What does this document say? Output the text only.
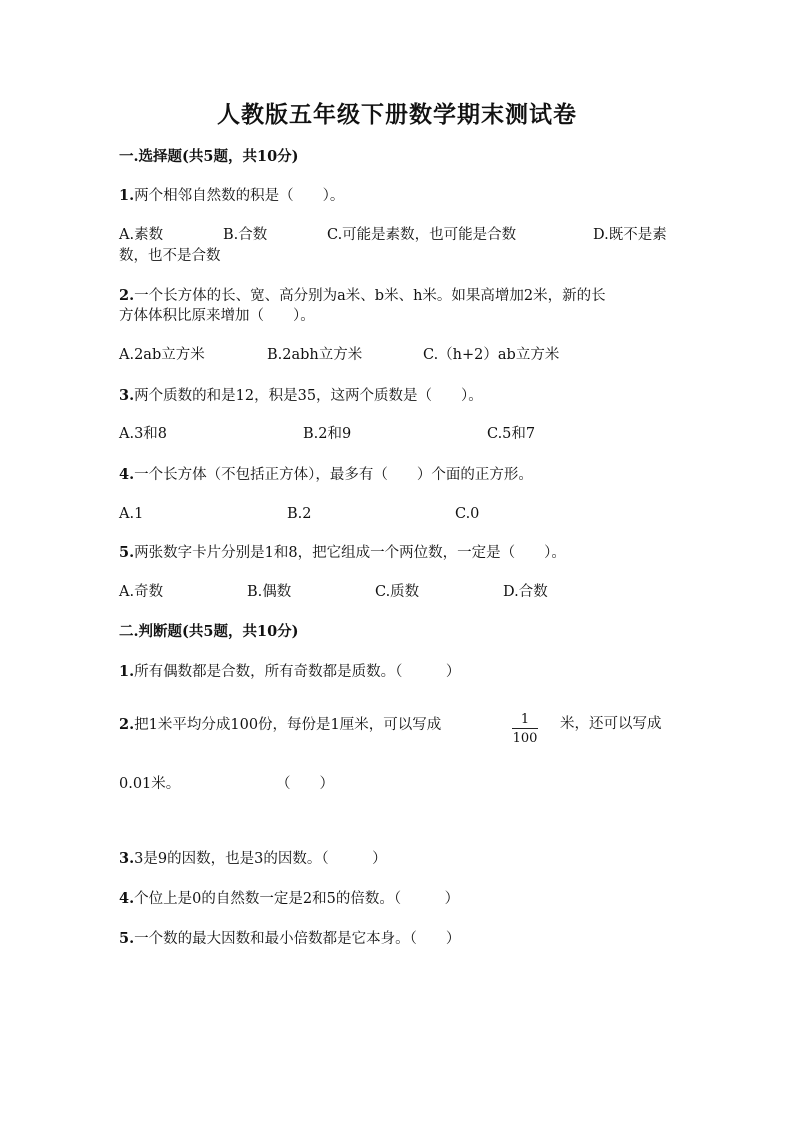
人教版五年级下册数学期末测试卷
一.选择题(共5题，共10分)
1.两个相邻自然数的积是（　　）。
A.素数	B.合数	C.可能是素数，也可能是合数	D.既不是素
数，也不是合数
2.一个长方体的长、宽、高分别为a米、b米、h米。如果高增加2米，新的长
方体体积比原来增加（　　）。
A.2ab立方米	B.2abh立方米	C.（h+2）ab立方米
3.两个质数的和是12，积是35，这两个质数是（　　）。
A.3和8	B.2和9	C.5和7
4.一个长方体（不包括正方体），最多有（　　）个面的正方形。
A.1	B.2	C.0
5.两张数字卡片分别是1和8，把它组成一个两位数，一定是（　　）。
A.奇数	B.偶数	C.质数	D.合数
二.判断题(共5题，共10分)
1.所有偶数都是合数，所有奇数都是质数。（　　　）
2.把1米平均分成100份，每份是1厘米，可以写成	1
100
米，还可以写成
0.01米。	（　　）
3.3是9的因数，也是3的因数。（　　　）
4.个位上是0的自然数一定是2和5的倍数。（　　　）
5.一个数的最大因数和最小倍数都是它本身。（　　）
